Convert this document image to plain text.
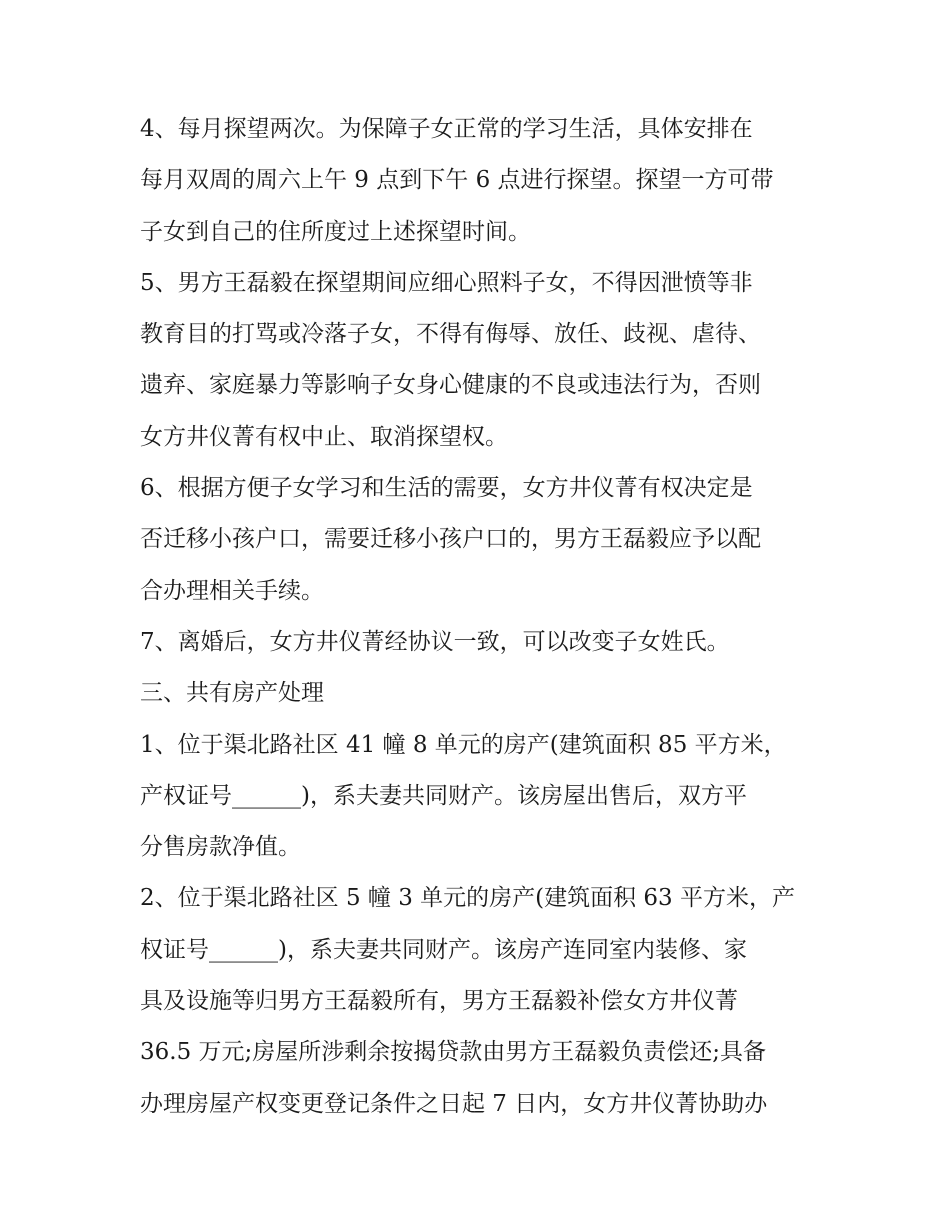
4、每月探望两次。为保障子女正常的学习生活，具体安排在
每月双周的周六上午 9 点到下午 6 点进行探望。探望一方可带
子女到自己的住所度过上述探望时间。
5、男方王磊毅在探望期间应细心照料子女，不得因泄愤等非
教育目的打骂或冷落子女，不得有侮辱、放任、歧视、虐待、
遗弃、家庭暴力等影响子女身心健康的不良或违法行为，否则
女方井仪菁有权中止、取消探望权。
6、根据方便子女学习和生活的需要，女方井仪菁有权决定是
否迁移小孩户口，需要迁移小孩户口的，男方王磊毅应予以配
合办理相关手续。
7、离婚后，女方井仪菁经协议一致，可以改变子女姓氏。
三、共有房产处理
1、位于渠北路社区 41 幢 8 单元的房产(建筑面积 85 平方米，
产权证号______)，系夫妻共同财产。该房屋出售后，双方平
分售房款净值。
2、位于渠北路社区 5 幢 3 单元的房产(建筑面积 63 平方米，产
权证号______)，系夫妻共同财产。该房产连同室内装修、家
具及设施等归男方王磊毅所有，男方王磊毅补偿女方井仪菁
36.5 万元;房屋所涉剩余按揭贷款由男方王磊毅负责偿还;具备
办理房屋产权变更登记条件之日起 7 日内，女方井仪菁协助办
